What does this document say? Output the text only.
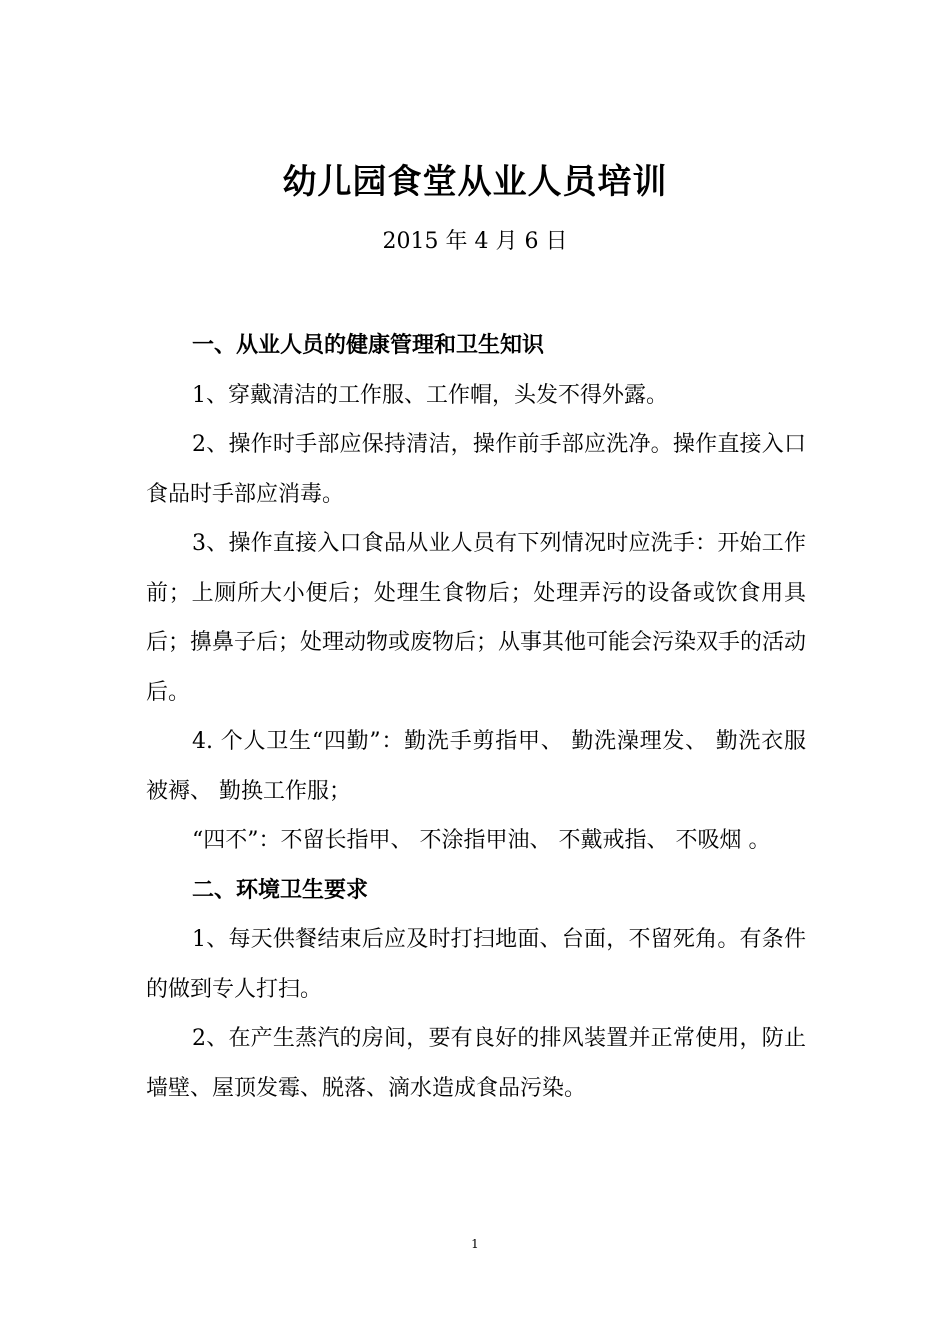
幼儿园食堂从业人员培训
2015 年 4 月 6 日

一、从业人员的健康管理和卫生知识

1、穿戴清洁的工作服、工作帽，头发不得外露。

2、操作时手部应保持清洁，操作前手部应洗净。操作直接入口食品时手部应消毒。

3、操作直接入口食品从业人员有下列情况时应洗手：开始工作前；上厕所大小便后；处理生食物后；处理弄污的设备或饮食用具后；擤鼻子后；处理动物或废物后；从事其他可能会污染双手的活动后。

4. 个人卫生“四勤”：勤洗手剪指甲、 勤洗澡理发、 勤洗衣服被褥、 勤换工作服；

“四不”：不留长指甲、 不涂指甲油、 不戴戒指、 不吸烟 。

二、环境卫生要求

1、每天供餐结束后应及时打扫地面、台面，不留死角。有条件的做到专人打扫。

2、在产生蒸汽的房间，要有良好的排风装置并正常使用，防止墙壁、屋顶发霉、脱落、滴水造成食品污染。

1
